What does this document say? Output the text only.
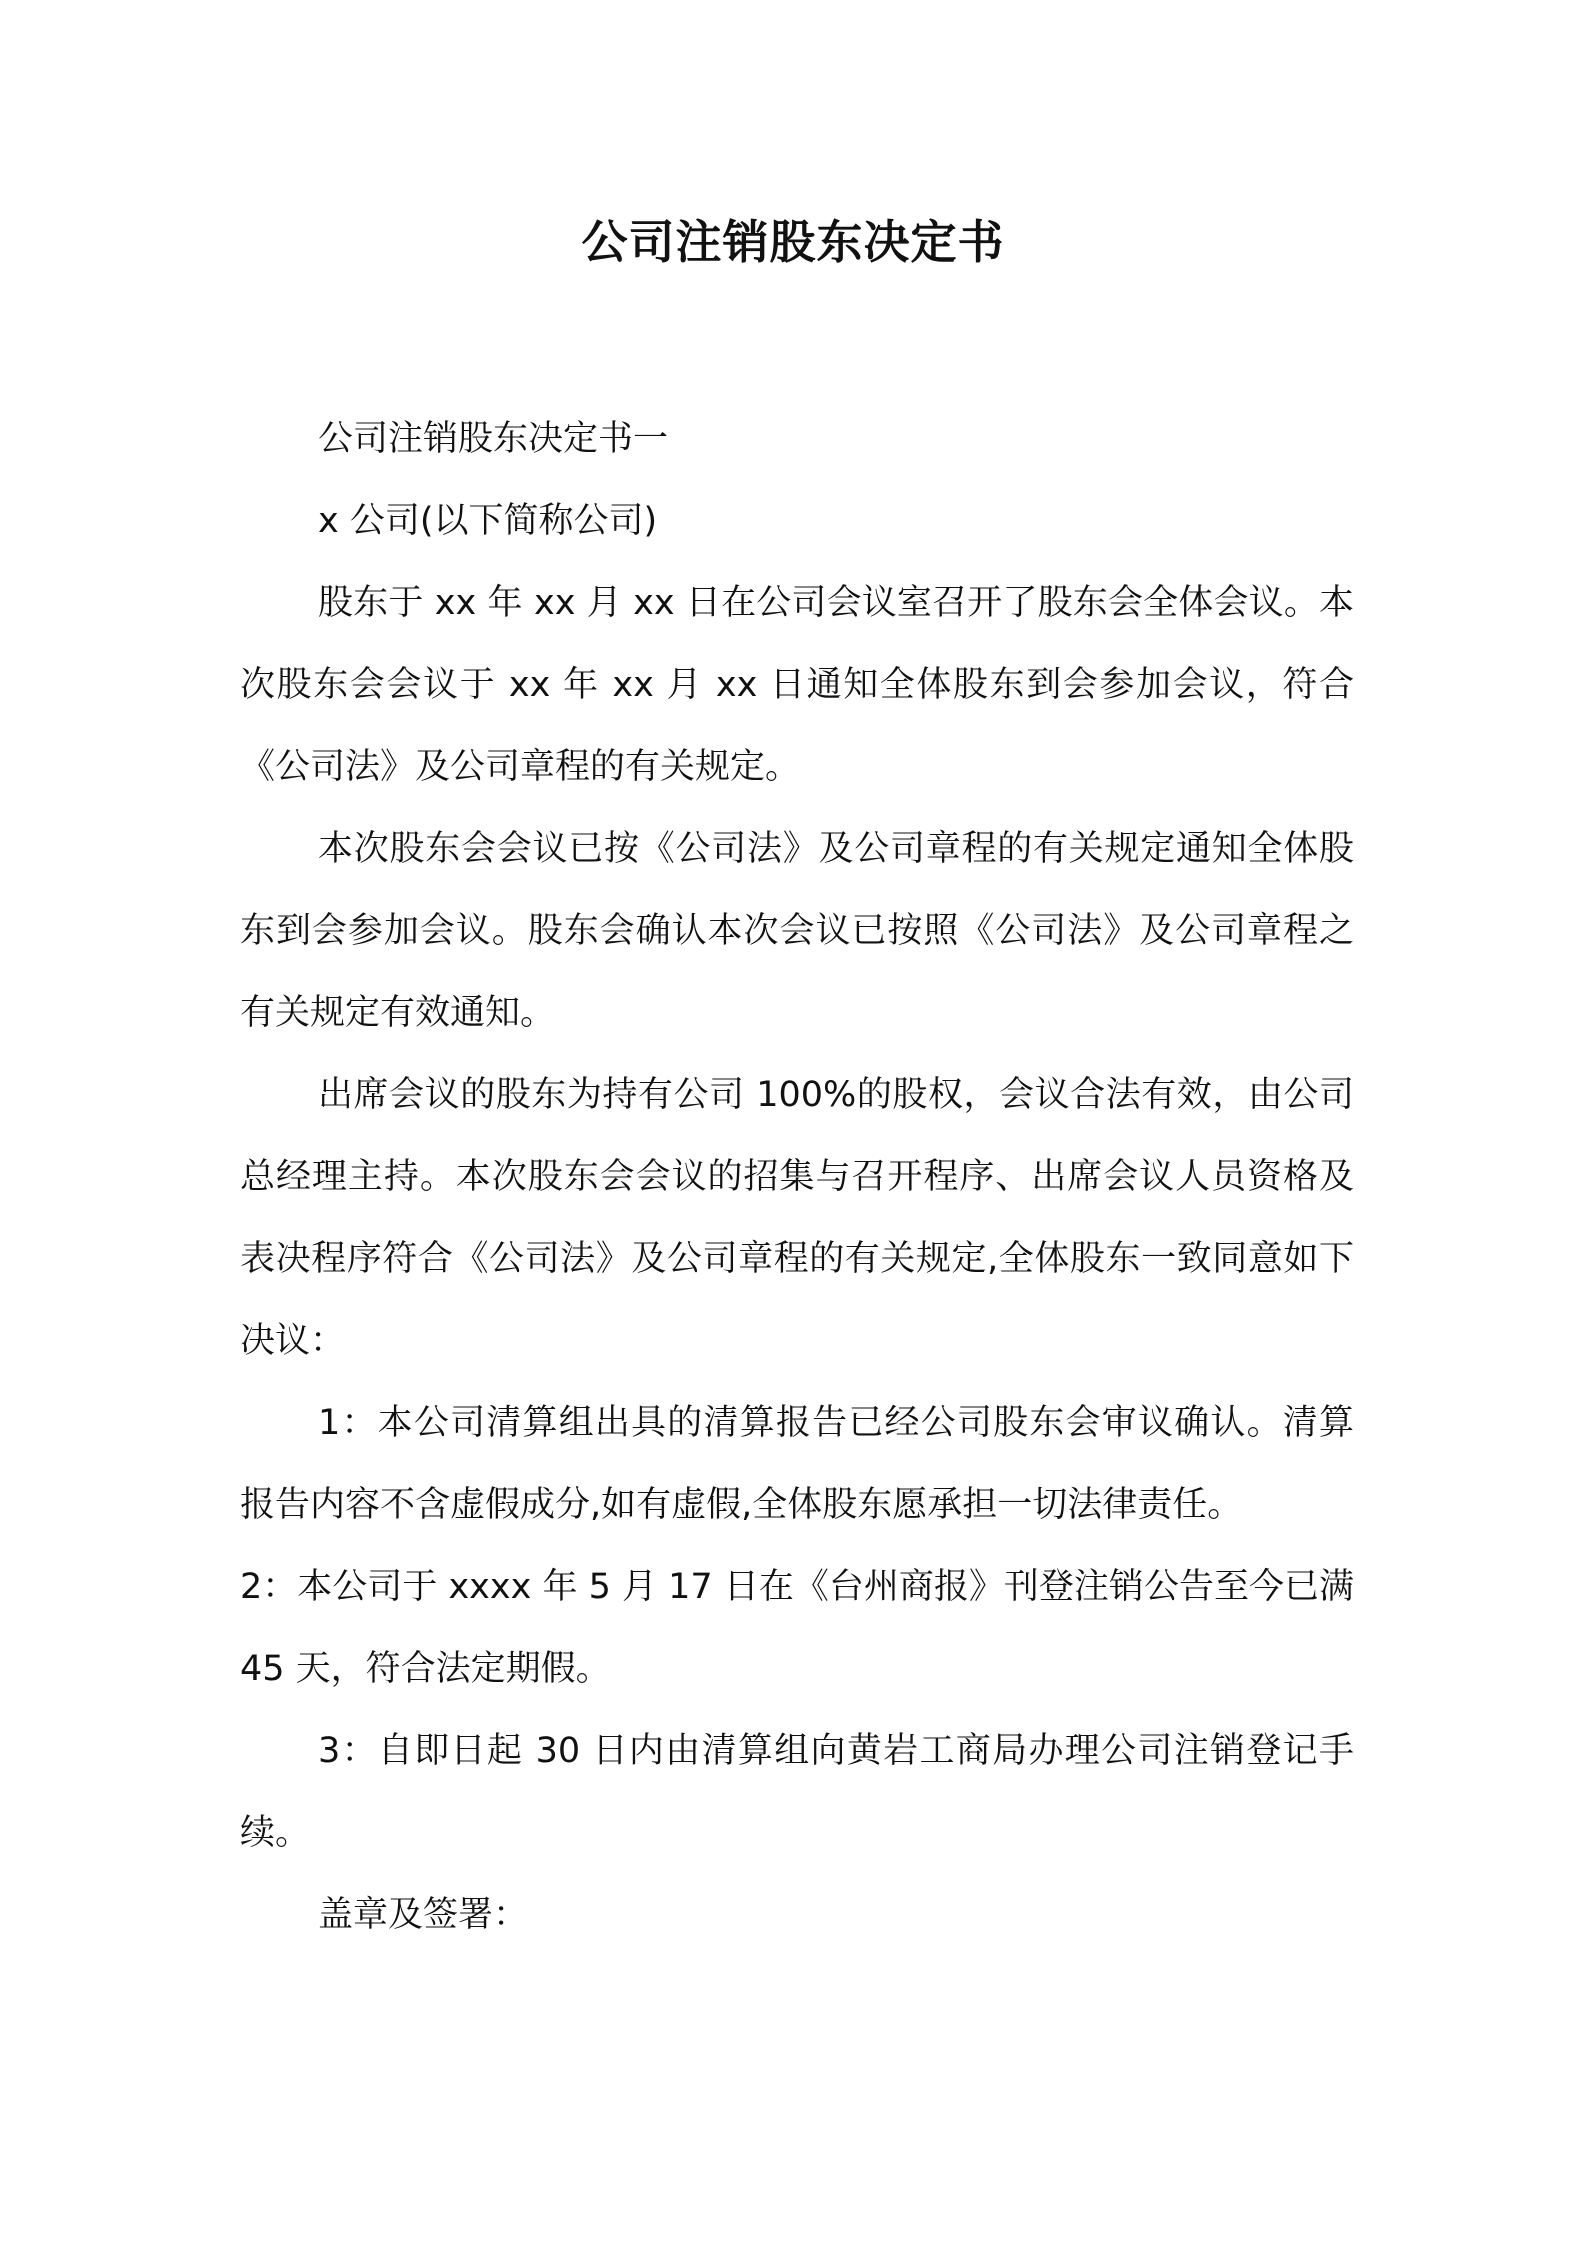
公司注销股东决定书

公司注销股东决定书一

x 公司(以下简称公司)

股东于 xx 年 xx 月 xx 日在公司会议室召开了股东会全体会议。本次股东会会议于 xx 年 xx 月 xx 日通知全体股东到会参加会议，符合《公司法》及公司章程的有关规定。

本次股东会会议已按《公司法》及公司章程的有关规定通知全体股东到会参加会议。股东会确认本次会议已按照《公司法》及公司章程之有关规定有效通知。

出席会议的股东为持有公司 100%的股权，会议合法有效，由公司总经理主持。本次股东会会议的招集与召开程序、出席会议人员资格及表决程序符合《公司法》及公司章程的有关规定,全体股东一致同意如下决议：

1：本公司清算组出具的清算报告已经公司股东会审议确认。清算报告内容不含虚假成分,如有虚假,全体股东愿承担一切法律责任。

2：本公司于 xxxx 年 5 月 17 日在《台州商报》刊登注销公告至今已满 45 天，符合法定期假。

3：自即日起 30 日内由清算组向黄岩工商局办理公司注销登记手续。

盖章及签署：
